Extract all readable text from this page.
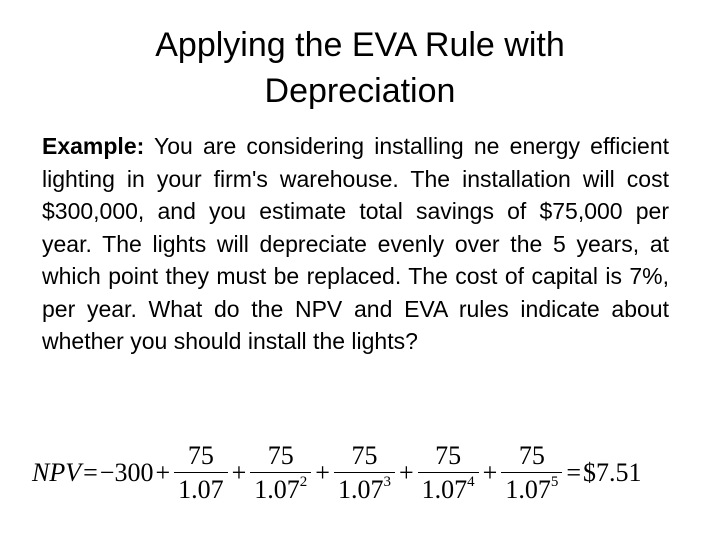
Applying the EVA Rule with
Depreciation
Example: You are considering installing ne energy efficient lighting in your firm's warehouse. The installation will cost $300,000, and you estimate total savings of $75,000 per year. The lights will depreciate evenly over the 5 years, at which point they must be replaced. The cost of capital is 7%, per year. What do the NPV and EVA rules indicate about whether you should install the lights?
NPV = $-300 + \frac{75}{1.07} + \frac{75}{1.07^2} + \frac{75}{1.07^3} + \frac{75}{1.07^4} + \frac{75}{1.07^5}$ = $7.51
